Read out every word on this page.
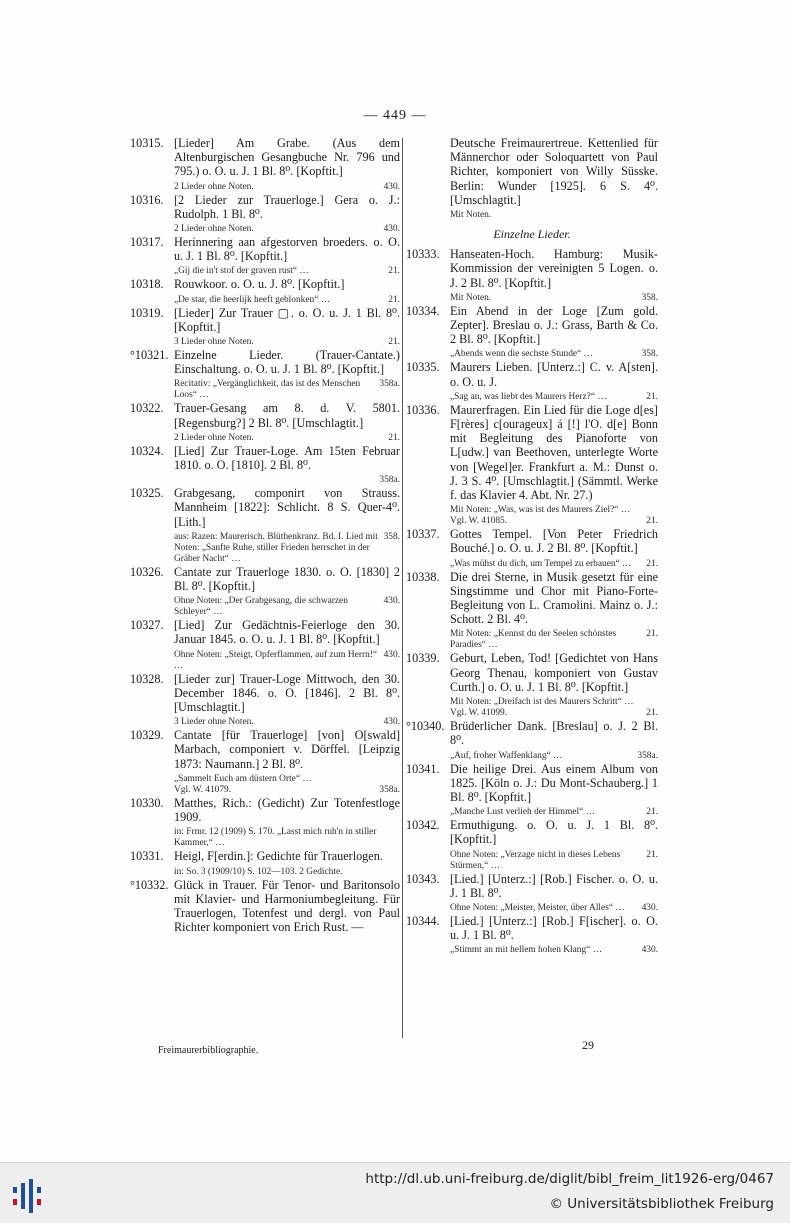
— 449 —
10315. [Lieder] Am Grabe. (Aus dem Altenburgischen Gesangbuche Nr. 796 und 795.) o. O. u. J. 1 Bl. 8⁰. [Kopftit.]
2 Lieder ohne Noten.	430.
10316. [2 Lieder zur Trauerloge.] Gera o. J.: Rudolph. 1 Bl. 8⁰.
2 Lieder ohne Noten.	430.
10317. Herinnering aan afgestorven broeders. o. O. u. J. 1 Bl. 8⁰. [Kopftit.]
„Gij die in't stof der graven rust“ …	21.
10318. Rouwkoor. o. O. u. J. 8⁰. [Kopftit.]
„De star, die heerlijk heeft geblonken“ …	21.
10319. [Lieder] Zur Trauer ▢. o. O. u. J. 1 Bl. 8⁰. [Kopftit.]
3 Lieder ohne Noten.	21.
°10321. Einzelne Lieder. (Trauer-Cantate.) Einschaltung. o. O. u. J. 1 Bl. 8⁰. [Kopftit.]
Recitativ: „Vergänglichkeit, das ist des Menschen Loos“ …
358a.
10322. Trauer-Gesang am 8. d. V. 5801. [Regensburg?] 2 Bl. 8⁰. [Umschlagtit.]
2 Lieder ohne Noten.	21.
10324. [Lied] Zur Trauer-Loge. Am 15ten Februar 1810. o. O. [1810]. 2 Bl. 8⁰.
358a.
10325. Grabgesang, componirt von Strauss. Mannheim [1822]: Schlicht. 8 S. Quer-4⁰. [Lith.]
aus: Razen: Maurerisch. Blüthenkranz. Bd. I. Lied mit Noten: „Sanfte Ruhe, stiller Frieden herrschet in der Gräber Nacht“ …
358.
10326. Cantate zur Trauerloge 1830. o. O. [1830] 2 Bl. 8⁰. [Kopftit.]
Ohne Noten: „Der Grabgesang, die schwarzen Schleyer“ …
430.
10327. [Lied] Zur Gedächtnis-Feierloge den 30. Januar 1845. o. O. u. J. 1 Bl. 8⁰. [Kopftit.]
Ohne Noten: „Steigt, Opferflammen, auf zum Herrn!“ …
430.
10328. [Lieder zur] Trauer-Loge Mittwoch, den 30. December 1846. o. O. [1846]. 2 Bl. 8⁰. [Umschlagtit.]
3 Lieder ohne Noten.	430.
10329. Cantate [für Trauerloge] [von] O[swald] Marbach, componiert v. Dörffel. [Leipzig 1873: Naumann.] 2 Bl. 8⁰.
„Sammelt Euch am düstern Orte“ …
Vgl. W. 41079.	358a.
10330. Matthes, Rich.: (Gedicht) Zur Totenfestloge 1909.
in: Frmr. 12 (1909) S. 170. „Lasst mich ruh'n in stiller Kammer,“ …
10331. Heigl, F[erdin.]: Gedichte für Trauerlogen.
in: So. 3 (1909/10) S. 102—103. 2 Gedichte.
°10332. Glück in Trauer. Für Tenor- und Baritonsolo mit Klavier- und Harmoniumbegleitung. Für Trauerlogen, Totenfest und dergl. von Paul Richter komponiert von Erich Rust. —
Deutsche Freimaurertreue. Kettenlied für Männerchor oder Soloquartett von Paul Richter, komponiert von Willy Süsske. Berlin: Wunder [1925]. 6 S. 4⁰. [Umschlagtit.]
Mit Noten.
Einzelne Lieder.
10333. Hanseaten-Hoch. Hamburg: Musik-Kommission der vereinigten 5 Logen. o. J. 2 Bl. 8⁰. [Kopftit.]
Mit Noten.	358.
10334. Ein Abend in der Loge [Zum gold. Zepter]. Breslau o. J.: Grass, Barth & Co. 2 Bl. 8⁰. [Kopftit.]
„Abends wenn die sechste Stunde“ …	358.
10335. Maurers Lieben. [Unterz.:] C. v. A[sten]. o. O. u. J.
„Sag an, was liebt des Maurers Herz?“ …	21.
10336. Maurerfragen. Ein Lied für die Loge d[es] F[rères] c[ourageux] á [!] l'O. d[e] Bonn mit Begleitung des Pianoforte von L[udw.] van Beethoven, unterlegte Worte von [Wegel]er. Frankfurt a. M.: Dunst o. J. 3 S. 4⁰. [Umschlagtit.] (Sämmtl. Werke f. das Klavier 4. Abt. Nr. 27.)
Mit Noten: „Was, was ist des Maurers Ziel?“ …
Vgl. W. 41085.	21.
10337. Gottes Tempel. [Von Peter Friedrich Bouché.] o. O. u. J. 2 Bl. 8⁰. [Kopftit.]
„Was mühst du dich, um Tempel zu erbauen“ …	21.
10338. Die drei Sterne, in Musik gesetzt für eine Singstimme und Chor mit Piano-Forte-Begleitung von L. Cramolini. Mainz o. J.: Schott. 2 Bl. 4⁰.
Mit Noten: „Kennst du der Seelen schönstes Paradies“ …
21.
10339. Geburt, Leben, Tod! [Gedichtet von Hans Georg Thenau, komponiert von Gustav Curth.] o. O. u. J. 1 Bl. 8⁰. [Kopftit.]
Mit Noten: „Dreifach ist des Maurers Schritt“ …
Vgl. W. 41099.	21.
°10340. Brüderlicher Dank. [Breslau] o. J. 2 Bl. 8⁰.
„Auf, froher Waffenklang“ …	358a.
10341. Die heilige Drei. Aus einem Album von 1825. [Köln o. J.: Du Mont-Schauberg.] 1 Bl. 8⁰. [Kopftit.]
„Manche Lust verlieh der Himmel“ …	21.
10342. Ermuthigung. o. O. u. J. 1 Bl. 8⁰. [Kopftit.]
Ohne Noten: „Verzage nicht in dieses Lebens Stürmen,“ …
21.
10343. [Lied.] [Unterz.:] [Rob.] Fischer. o. O. u. J. 1 Bl. 8⁰.
Ohne Noten: „Meister, Meister, über Alles“ …	430.
10344. [Lied.] [Unterz.:] [Rob.] F[ischer]. o. O. u. J. 1 Bl. 8⁰.
„Stimmt an mit hellem hohen Klang“ …	430.
Freimaurerbibliographie.	29
http://dl.ub.uni-freiburg.de/diglit/bibl_freim_lit1926-erg/0467
© Universitätsbibliothek Freiburg
